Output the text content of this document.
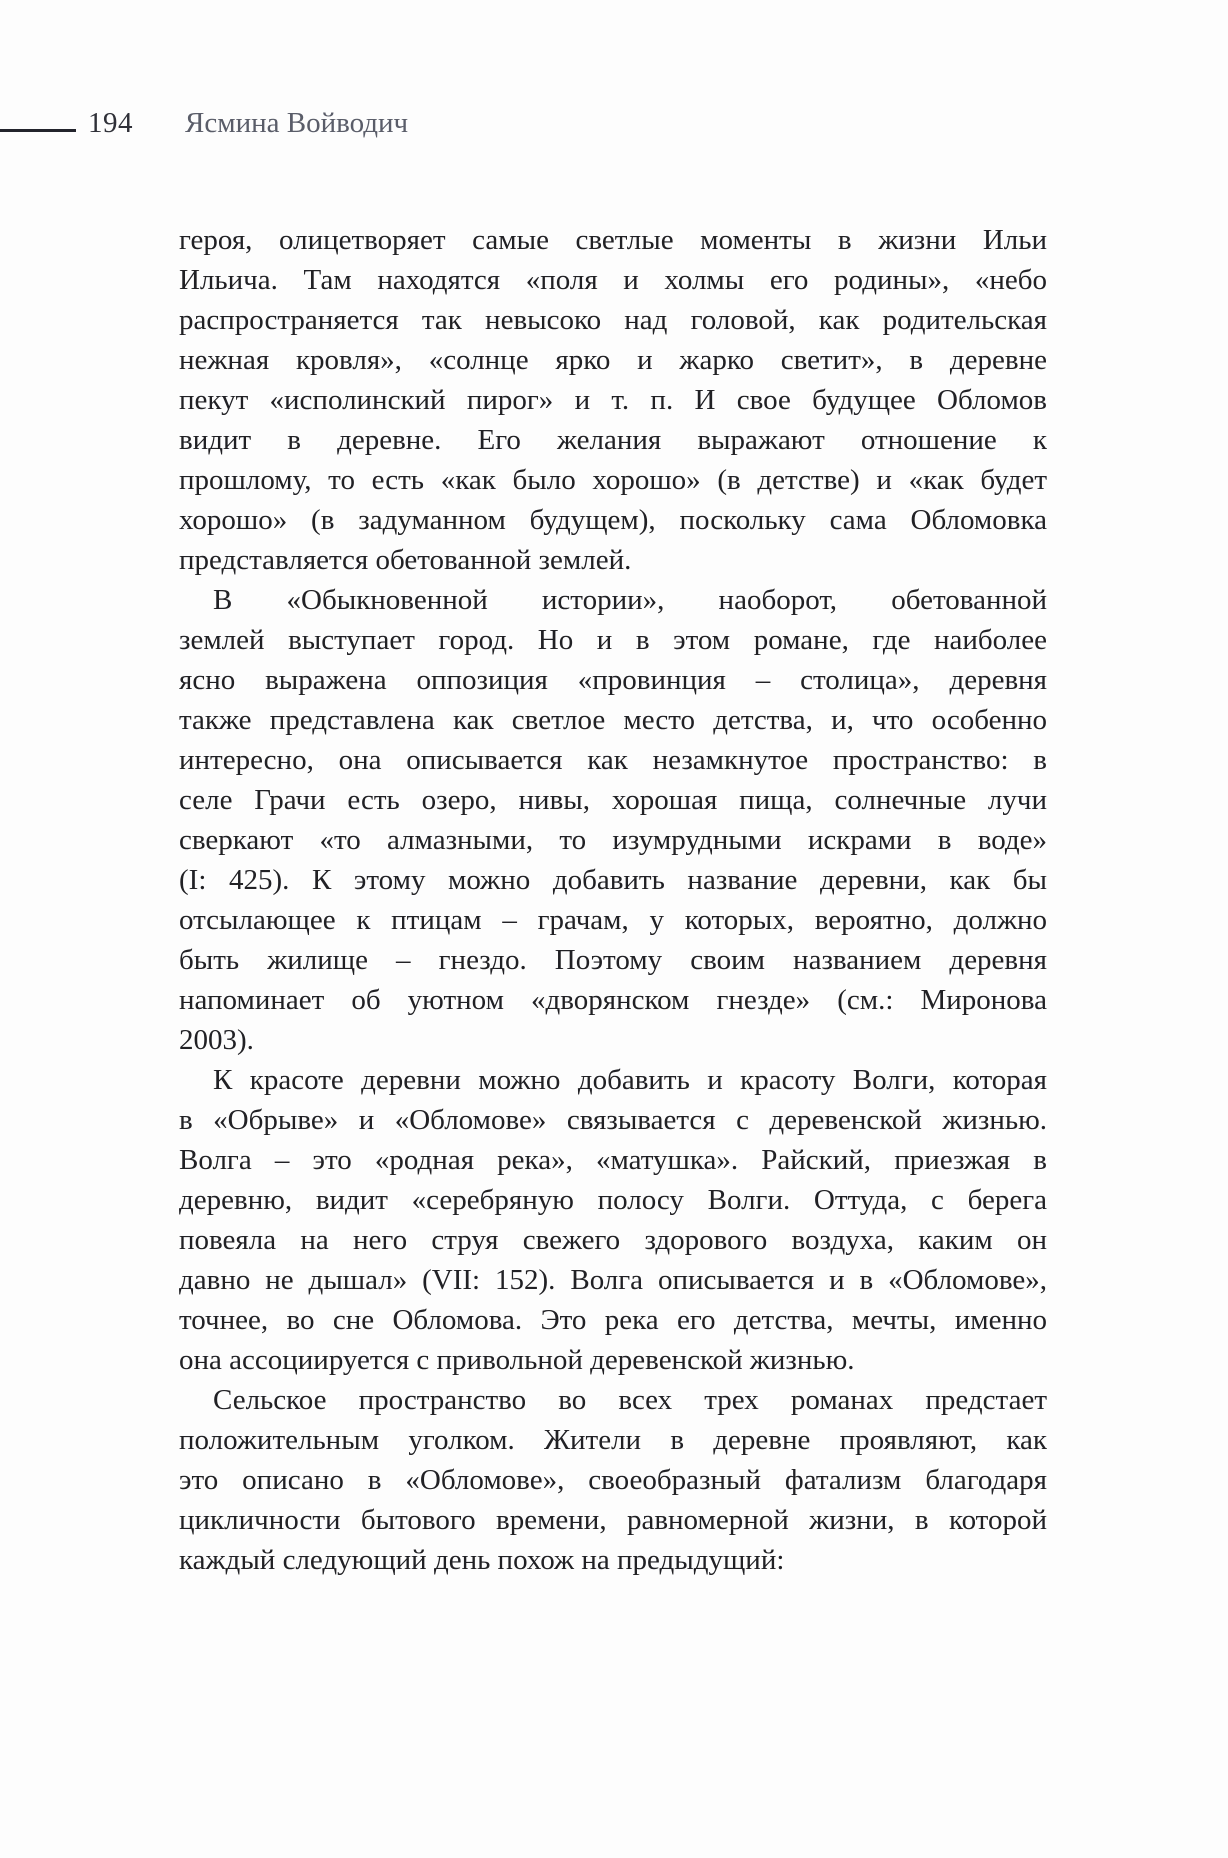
194 Ясмина Войводич
героя, олицетворяет самые светлые моменты в жизни Ильи
Ильича. Там находятся «поля и холмы его родины», «небо
распространяется так невысоко над головой, как родительская
нежная кровля», «солнце ярко и жарко светит», в деревне
пекут «исполинский пирог» и т. п. И свое будущее Обломов
видит в деревне. Его желания выражают отношение к
прошлому, то есть «как было хорошо» (в детстве) и «как будет
хорошо» (в задуманном будущем), поскольку сама Обломовка
представляется обетованной землей.
В «Обыкновенной истории», наоборот, обетованной
землей выступает город. Но и в этом романе, где наиболее
ясно выражена оппозиция «провинция – столица», деревня
также представлена как светлое место детства, и, что особенно
интересно, она описывается как незамкнутое пространство: в
селе Грачи есть озеро, нивы, хорошая пища, солнечные лучи
сверкают «то алмазными, то изумрудными искрами в воде»
(I: 425). К этому можно добавить название деревни, как бы
отсылающее к птицам – грачам, у которых, вероятно, должно
быть жилище – гнездо. Поэтому своим названием деревня
напоминает об уютном «дворянском гнезде» (см.: Миронова
2003).
К красоте деревни можно добавить и красоту Волги, которая
в «Обрыве» и «Обломове» связывается с деревенской жизнью.
Волга – это «родная река», «матушка». Райский, приезжая в
деревню, видит «серебряную полосу Волги. Оттуда, с берега
повеяла на него струя свежего здорового воздуха, каким он
давно не дышал» (VII: 152). Волга описывается и в «Обломове»,
точнее, во сне Обломова. Это река его детства, мечты, именно
она ассоциируется с привольной деревенской жизнью.
Сельское пространство во всех трех романах предстает
положительным уголком. Жители в деревне проявляют, как
это описано в «Обломове», своеобразный фатализм благодаря
цикличности бытового времени, равномерной жизни, в которой
каждый следующий день похож на предыдущий:
